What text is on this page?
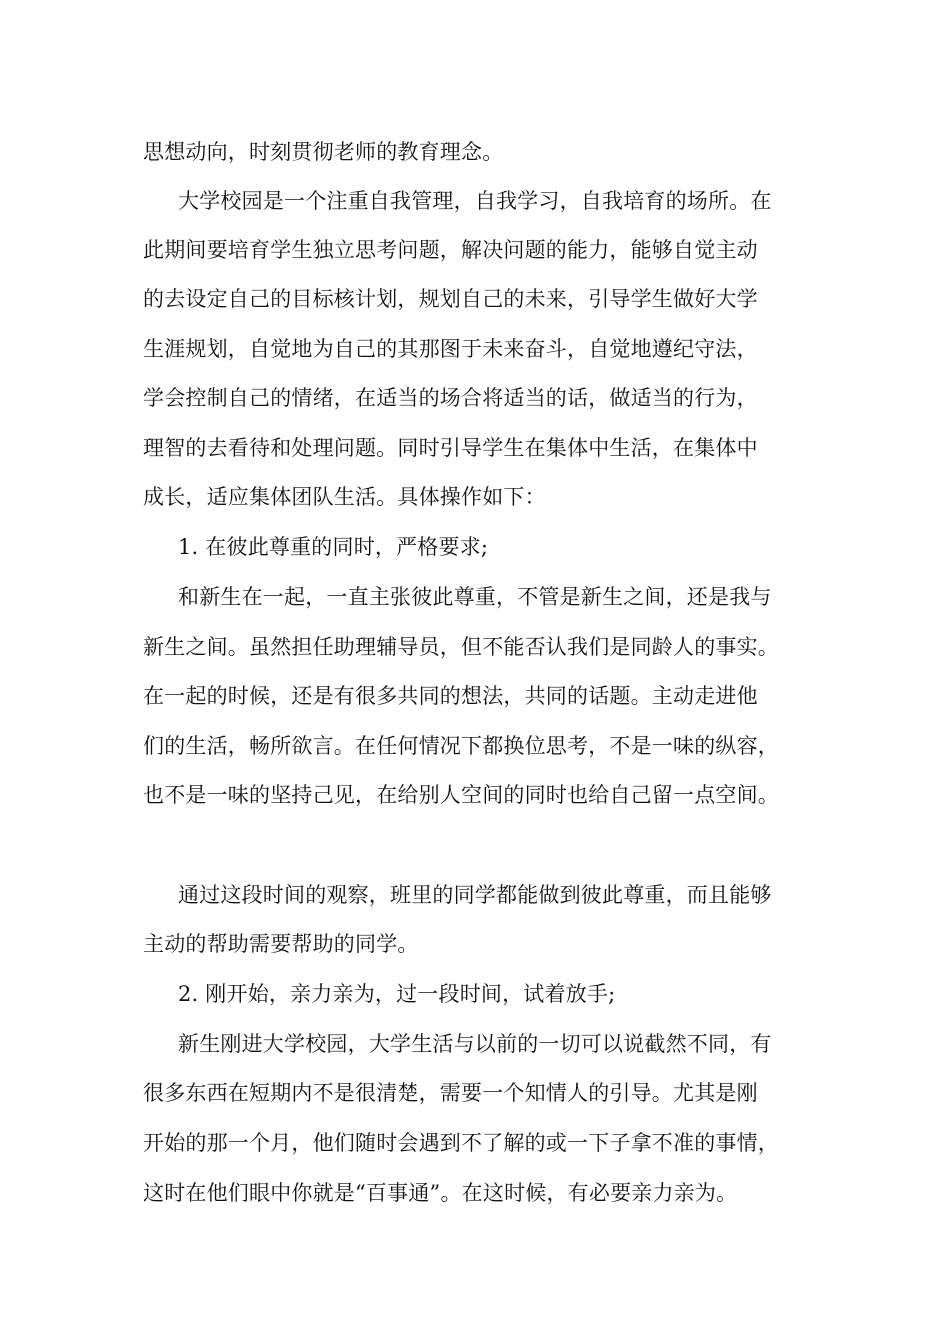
思想动向，时刻贯彻老师的教育理念。
大学校园是一个注重自我管理，自我学习，自我培育的场所。在
此期间要培育学生独立思考问题，解决问题的能力，能够自觉主动
的去设定自己的目标核计划，规划自己的未来，引导学生做好大学
生涯规划，自觉地为自己的其那图于未来奋斗，自觉地遵纪守法，
学会控制自己的情绪，在适当的场合将适当的话，做适当的行为，
理智的去看待和处理问题。同时引导学生在集体中生活，在集体中
成长，适应集体团队生活。具体操作如下：
1. 在彼此尊重的同时，严格要求;
和新生在一起，一直主张彼此尊重，不管是新生之间，还是我与
新生之间。虽然担任助理辅导员，但不能否认我们是同龄人的事实。
在一起的时候，还是有很多共同的想法，共同的话题。主动走进他
们的生活，畅所欲言。在任何情况下都换位思考，不是一味的纵容，
也不是一味的坚持己见，在给别人空间的同时也给自己留一点空间。
通过这段时间的观察，班里的同学都能做到彼此尊重，而且能够
主动的帮助需要帮助的同学。
2. 刚开始，亲力亲为，过一段时间，试着放手;
新生刚进大学校园，大学生活与以前的一切可以说截然不同，有
很多东西在短期内不是很清楚，需要一个知情人的引导。尤其是刚
开始的那一个月，他们随时会遇到不了解的或一下子拿不准的事情，
这时在他们眼中你就是“百事通”。在这时候，有必要亲力亲为。
